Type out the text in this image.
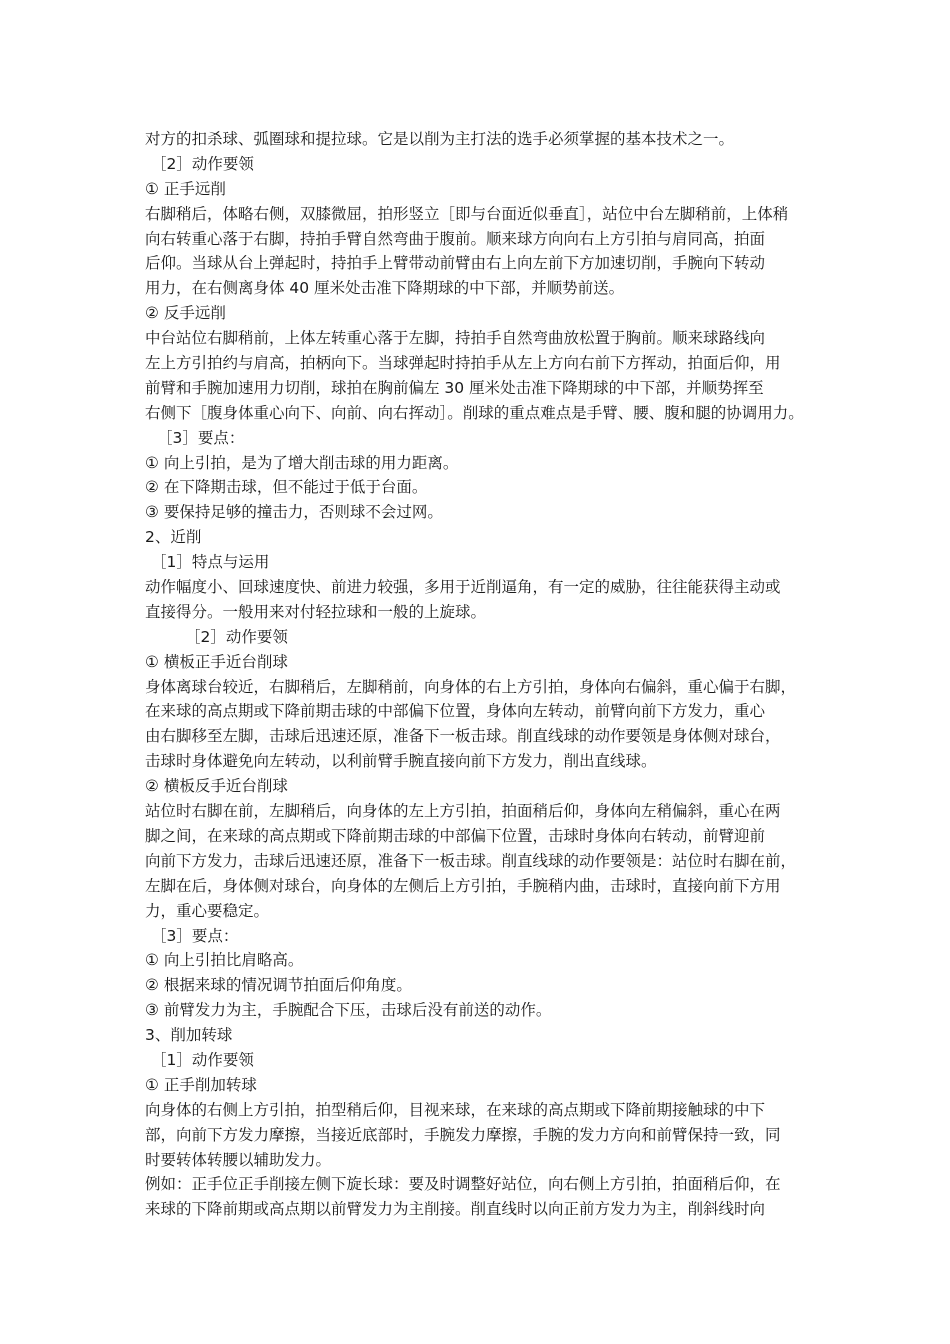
对方的扣杀球、弧圈球和提拉球。它是以削为主打法的选手必须掌握的基本技术之一。
［2］动作要领
① 正手远削
右脚稍后，体略右侧，双膝微屈，拍形竖立［即与台面近似垂直］，站位中台左脚稍前，上体稍
向右转重心落于右脚，持拍手臂自然弯曲于腹前。顺来球方向向右上方引拍与肩同高，拍面
后仰。当球从台上弹起时，持拍手上臂带动前臂由右上向左前下方加速切削，手腕向下转动
用力，在右侧离身体 40 厘米处击准下降期球的中下部，并顺势前送。
② 反手远削
中台站位右脚稍前，上体左转重心落于左脚，持拍手自然弯曲放松置于胸前。顺来球路线向
左上方引拍约与肩高，拍柄向下。当球弹起时持拍手从左上方向右前下方挥动，拍面后仰，用
前臂和手腕加速用力切削，球拍在胸前偏左 30 厘米处击准下降期球的中下部，并顺势挥至
右侧下［腹身体重心向下、向前、向右挥动］。削球的重点难点是手臂、腰、腹和腿的协调用力。
［3］要点：
① 向上引拍，是为了增大削击球的用力距离。
② 在下降期击球，但不能过于低于台面。
③ 要保持足够的撞击力，否则球不会过网。
2、近削
［1］特点与运用
动作幅度小、回球速度快、前进力较强，多用于近削逼角，有一定的威胁，往往能获得主动或
直接得分。一般用来对付轻拉球和一般的上旋球。
［2］动作要领
① 横板正手近台削球
身体离球台较近，右脚稍后，左脚稍前，向身体的右上方引拍，身体向右偏斜，重心偏于右脚，
在来球的高点期或下降前期击球的中部偏下位置，身体向左转动，前臂向前下方发力，重心
由右脚移至左脚，击球后迅速还原，准备下一板击球。削直线球的动作要领是身体侧对球台，
击球时身体避免向左转动，以利前臂手腕直接向前下方发力，削出直线球。
② 横板反手近台削球
站位时右脚在前，左脚稍后，向身体的左上方引拍，拍面稍后仰，身体向左稍偏斜，重心在两
脚之间，在来球的高点期或下降前期击球的中部偏下位置，击球时身体向右转动，前臂迎前
向前下方发力，击球后迅速还原，准备下一板击球。削直线球的动作要领是：站位时右脚在前，
左脚在后，身体侧对球台，向身体的左侧后上方引拍，手腕稍内曲，击球时，直接向前下方用
力，重心要稳定。
［3］要点：
① 向上引拍比肩略高。
② 根据来球的情况调节拍面后仰角度。
③ 前臂发力为主，手腕配合下压，击球后没有前送的动作。
3、削加转球
［1］动作要领
① 正手削加转球
向身体的右侧上方引拍，拍型稍后仰，目视来球，在来球的高点期或下降前期接触球的中下
部，向前下方发力摩擦，当接近底部时，手腕发力摩擦，手腕的发力方向和前臂保持一致，同
时要转体转腰以辅助发力。
例如：正手位正手削接左侧下旋长球：要及时调整好站位，向右侧上方引拍，拍面稍后仰，在
来球的下降前期或高点期以前臂发力为主削接。削直线时以向正前方发力为主，削斜线时向
